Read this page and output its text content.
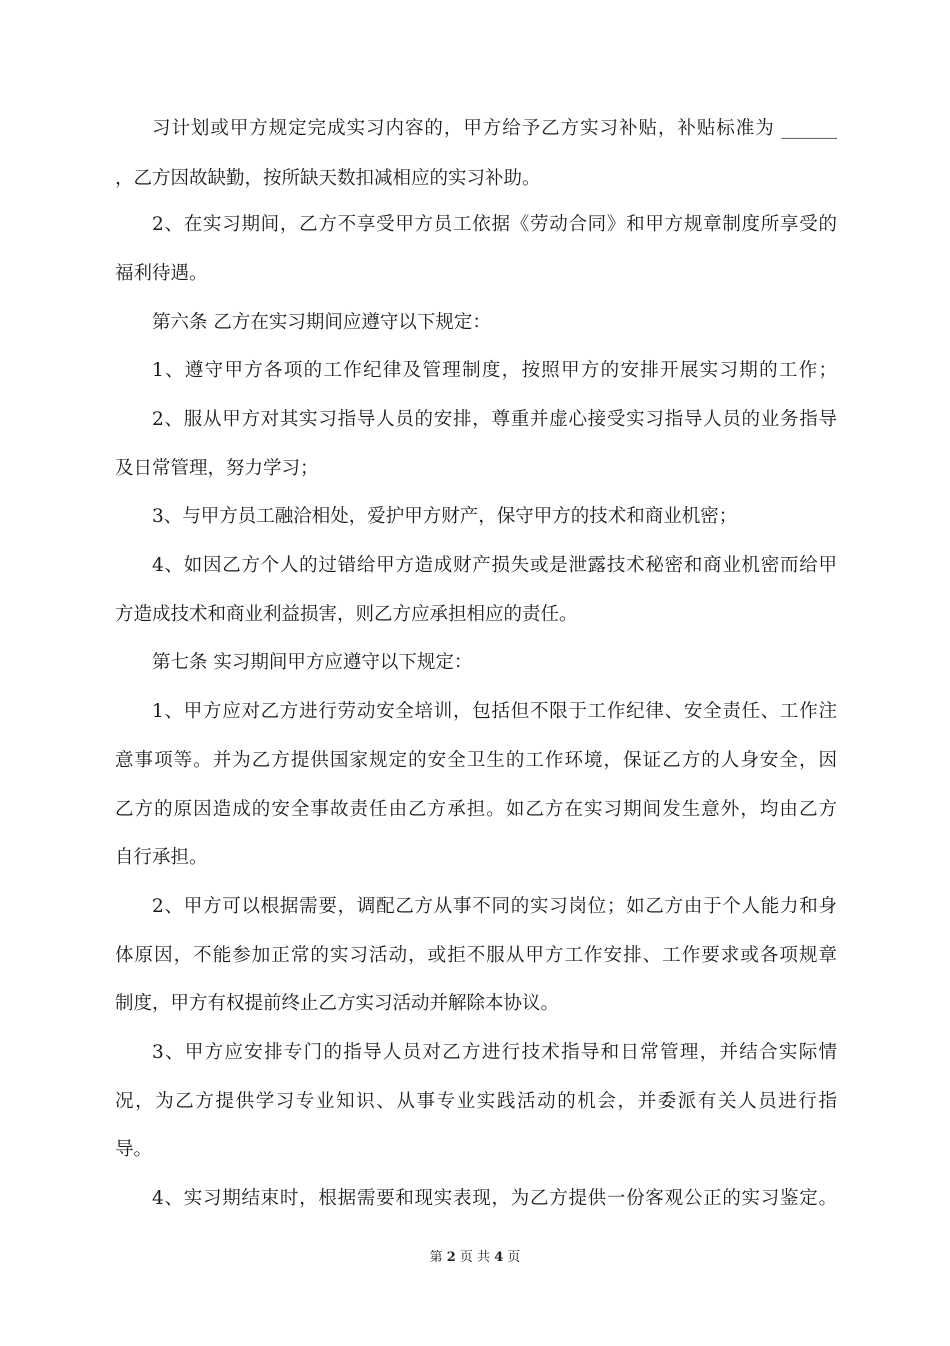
习计划或甲方规定完成实习内容的，甲方给予乙方实习补贴，补贴标准为 ______
，乙方因故缺勤，按所缺天数扣减相应的实习补助。
2、在实习期间，乙方不享受甲方员工依据《劳动合同》和甲方规章制度所享受的
福利待遇。
第六条 乙方在实习期间应遵守以下规定：
1、遵守甲方各项的工作纪律及管理制度，按照甲方的安排开展实习期的工作；
2、服从甲方对其实习指导人员的安排，尊重并虚心接受实习指导人员的业务指导
及日常管理，努力学习；
3、与甲方员工融洽相处，爱护甲方财产，保守甲方的技术和商业机密；
4、如因乙方个人的过错给甲方造成财产损失或是泄露技术秘密和商业机密而给甲
方造成技术和商业利益损害，则乙方应承担相应的责任。
第七条 实习期间甲方应遵守以下规定：
1、甲方应对乙方进行劳动安全培训，包括但不限于工作纪律、安全责任、工作注
意事项等。并为乙方提供国家规定的安全卫生的工作环境，保证乙方的人身安全，因
乙方的原因造成的安全事故责任由乙方承担。如乙方在实习期间发生意外，均由乙方
自行承担。
2、甲方可以根据需要，调配乙方从事不同的实习岗位；如乙方由于个人能力和身
体原因，不能参加正常的实习活动，或拒不服从甲方工作安排、工作要求或各项规章
制度，甲方有权提前终止乙方实习活动并解除本协议。
3、甲方应安排专门的指导人员对乙方进行技术指导和日常管理，并结合实际情
况，为乙方提供学习专业知识、从事专业实践活动的机会，并委派有关人员进行指
导。
4、实习期结束时，根据需要和现实表现，为乙方提供一份客观公正的实习鉴定。
第 2 页 共 4 页
